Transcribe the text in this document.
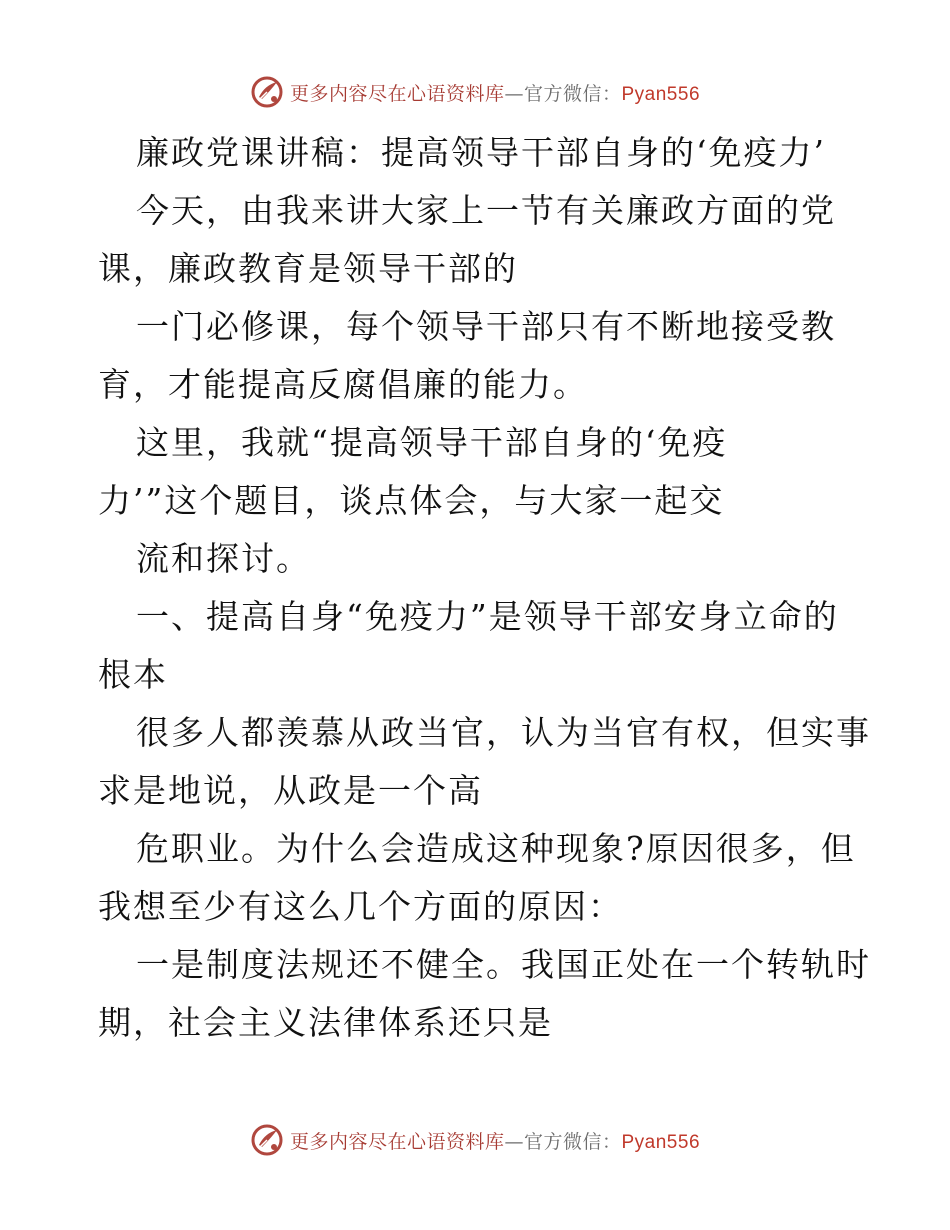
更多内容尽在心语资料库—官方微信：Pyan556
廉政党课讲稿：提高领导干部自身的‘免疫力’
今天，由我来讲大家上一节有关廉政方面的党
课，廉政教育是领导干部的
一门必修课，每个领导干部只有不断地接受教
育，才能提高反腐倡廉的能力。
这里，我就“提高领导干部自身的‘免疫
力’”这个题目，谈点体会，与大家一起交
流和探讨。
一、提高自身“免疫力”是领导干部安身立命的
根本
很多人都羡慕从政当官，认为当官有权，但实事
求是地说，从政是一个高
危职业。为什么会造成这种现象?原因很多，但
我想至少有这么几个方面的原因：
一是制度法规还不健全。我国正处在一个转轨时
期，社会主义法律体系还只是
更多内容尽在心语资料库—官方微信：Pyan556
